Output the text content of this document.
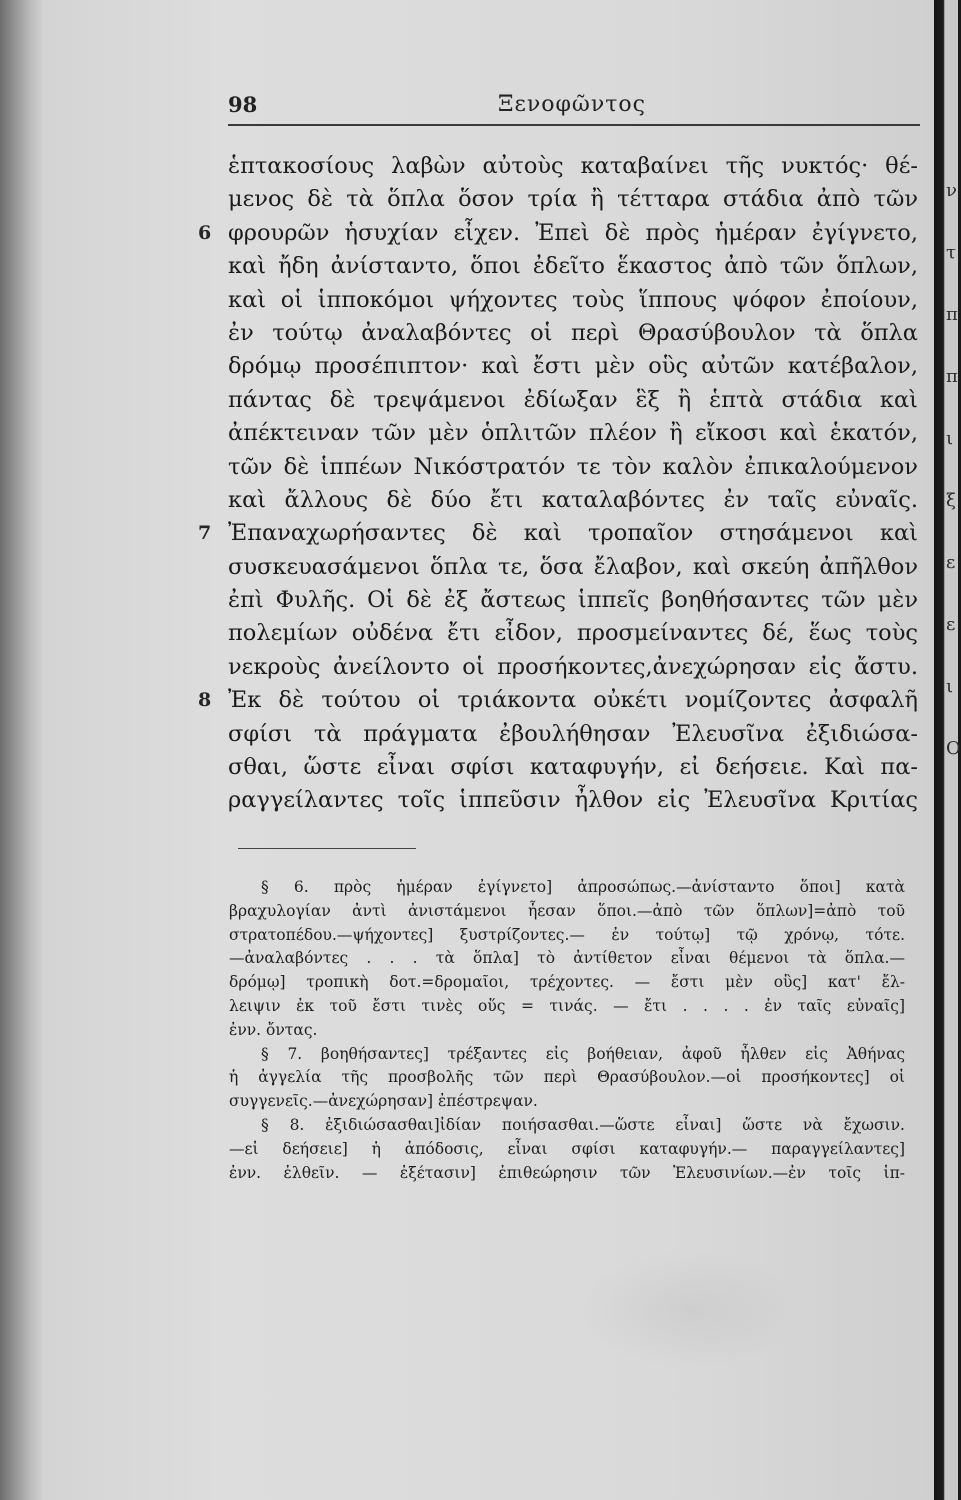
98	Ξενοφῶντος
ἑπτακοσίους λαβὼν αὐτοὺς καταβαίνει τῆς νυκτός· θέ-
μενος δὲ τὰ ὅπλα ὅσον τρία ἢ τέτταρα στάδια ἀπὸ τῶν
φρουρῶν ἡσυχίαν εἶχεν. Ἐπεὶ δὲ πρὸς ἡμέραν ἐγίγνετο,
6
καὶ ἤδη ἀνίσταντο, ὅποι ἐδεῖτο ἕκαστος ἀπὸ τῶν ὅπλων,
καὶ οἱ ἱπποκόμοι ψήχοντες τοὺς ἵππους ψόφον ἐποίουν,
ἐν τούτῳ ἀναλαβόντες οἱ περὶ Θρασύβουλον τὰ ὅπλα
δρόμῳ προσέπιπτον· καὶ ἔστι μὲν οὓς αὐτῶν κατέβαλον,
πάντας δὲ τρεψάμενοι ἐδίωξαν ἓξ ἢ ἑπτὰ στάδια καὶ
ἀπέκτειναν τῶν μὲν ὁπλιτῶν πλέον ἢ εἴκοσι καὶ ἑκατόν,
τῶν δὲ ἱππέων Νικόστρατόν τε τὸν καλὸν ἐπικαλούμενον
καὶ ἄλλους δὲ δύο ἔτι καταλαβόντες ἐν ταῖς εὐναῖς.
Ἐπαναχωρήσαντες δὲ καὶ τροπαῖον στησάμενοι καὶ
7
συσκευασάμενοι ὅπλα τε, ὅσα ἔλαβον, καὶ σκεύη ἀπῆλθον
ἐπὶ Φυλῆς. Οἱ δὲ ἐξ ἄστεως ἱππεῖς βοηθήσαντες τῶν μὲν
πολεμίων οὐδένα ἔτι εἶδον, προσμείναντες δέ, ἕως τοὺς
νεκροὺς ἀνείλοντο οἱ προσήκοντες,ἀνεχώρησαν εἰς ἄστυ.
Ἐκ δὲ τούτου οἱ τριάκοντα οὐκέτι νομίζοντες ἀσφαλῆ
8
σφίσι τὰ πράγματα ἐβουλήθησαν Ἐλευσῖνα ἐξιδιώσα-
σθαι, ὥστε εἶναι σφίσι καταφυγήν, εἰ δεήσειε. Καὶ πα-
ραγγείλαντες τοῖς ἱππεῦσιν ἦλθον εἰς Ἐλευσῖνα Κριτίας
§ 6. πρὸς ἡμέραν ἐγίγνετο] ἀπροσώπως.—ἀνίσταντο ὅποι] κατὰ
βραχυλογίαν ἀντὶ ἀνιστάμενοι ἧεσαν ὅποι.—ἀπὸ τῶν ὅπλων]=ἀπὸ τοῦ
στρατοπέδου.—ψήχοντες] ξυστρίζοντες.— ἐν τούτῳ] τῷ χρόνῳ, τότε.
—ἀναλαβόντες . . . τὰ ὅπλα] τὸ ἀντίθετον εἶναι θέμενοι τὰ ὅπλα.—
δρόμῳ] τροπικὴ δοτ.=δρομαῖοι, τρέχοντες. — ἔστι μὲν οὓς] κατ' ἔλ-
λειψιν ἐκ τοῦ ἔστι τινὲς οὕς = τινάς. — ἔτι . . . . ἐν ταῖς εὐναῖς]
ἐνν. ὄντας.
§ 7. βοηθήσαντες] τρέξαντες εἰς βοήθειαν, ἀφοῦ ἦλθεν εἰς Ἀθήνας
ἡ ἀγγελία τῆς προσβολῆς τῶν περὶ Θρασύβουλον.—οἱ προσήκοντες] οἱ
συγγενεῖς.—ἀνεχώρησαν] ἐπέστρεψαν.
§ 8. ἐξιδιώσασθαι]ἰδίαν ποιήσασθαι.—ὥστε εἶναι] ὥστε νὰ ἔχωσιν.
—εἰ δεήσειε] ἡ ἀπόδοσις, εἶναι σφίσι καταφυγήν.— παραγγείλαντες]
ἐνν. ἐλθεῖν. — ἐξέτασιν] ἐπιθεώρησιν τῶν Ἐλευσινίων.—ἐν τοῖς ἱπ-
ν
τ
π
π
ι
ξ
ε
ε
ι
Ο
